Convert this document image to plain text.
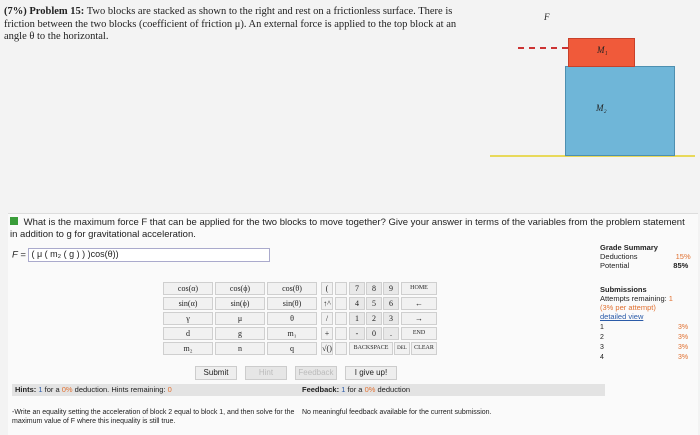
(7%) Problem 15: Two blocks are stacked as shown to the right and rest on a frictionless surface. There is friction between the two blocks (coefficient of friction μ). An external force is applied to the top block at an angle θ to the horizontal.
F
M₂
M₁
What is the maximum force F that can be applied for the two blocks to move together? Give your answer in terms of the variables from the problem statement in addition to g for gravitational acceleration.
F = ( μ ( m₂ ( g ) ) )cos(θ))
Grade Summary
Deductions	15%
Potential	85%
Submissions
Attempts remaining: 1
(3% per attempt)
detailed view
1	3%
2	3%
3	3%
4	3%
cos(α)	cos(ϕ)	cos(θ)
sin(α)	sin(ϕ)	sin(θ)
γ	μ	θ
d	g	m₁
m₂	n	q
(
↑^
/
+
√()
7	8	9
4	5	6
1	2	3
-	0	.
HOME
←
→
END
BACKSPACE	DEL	CLEAR
Submit	Hint	Feedback	I give up!
Hints: 1 for a 0% deduction. Hints remaining: 0	Feedback: 1 for a 0% deduction
-Write an equality setting the acceleration of block 2 equal to block 1, and then solve for the maximum value of F where this inequality is still true.
No meaningful feedback available for the current submission.
